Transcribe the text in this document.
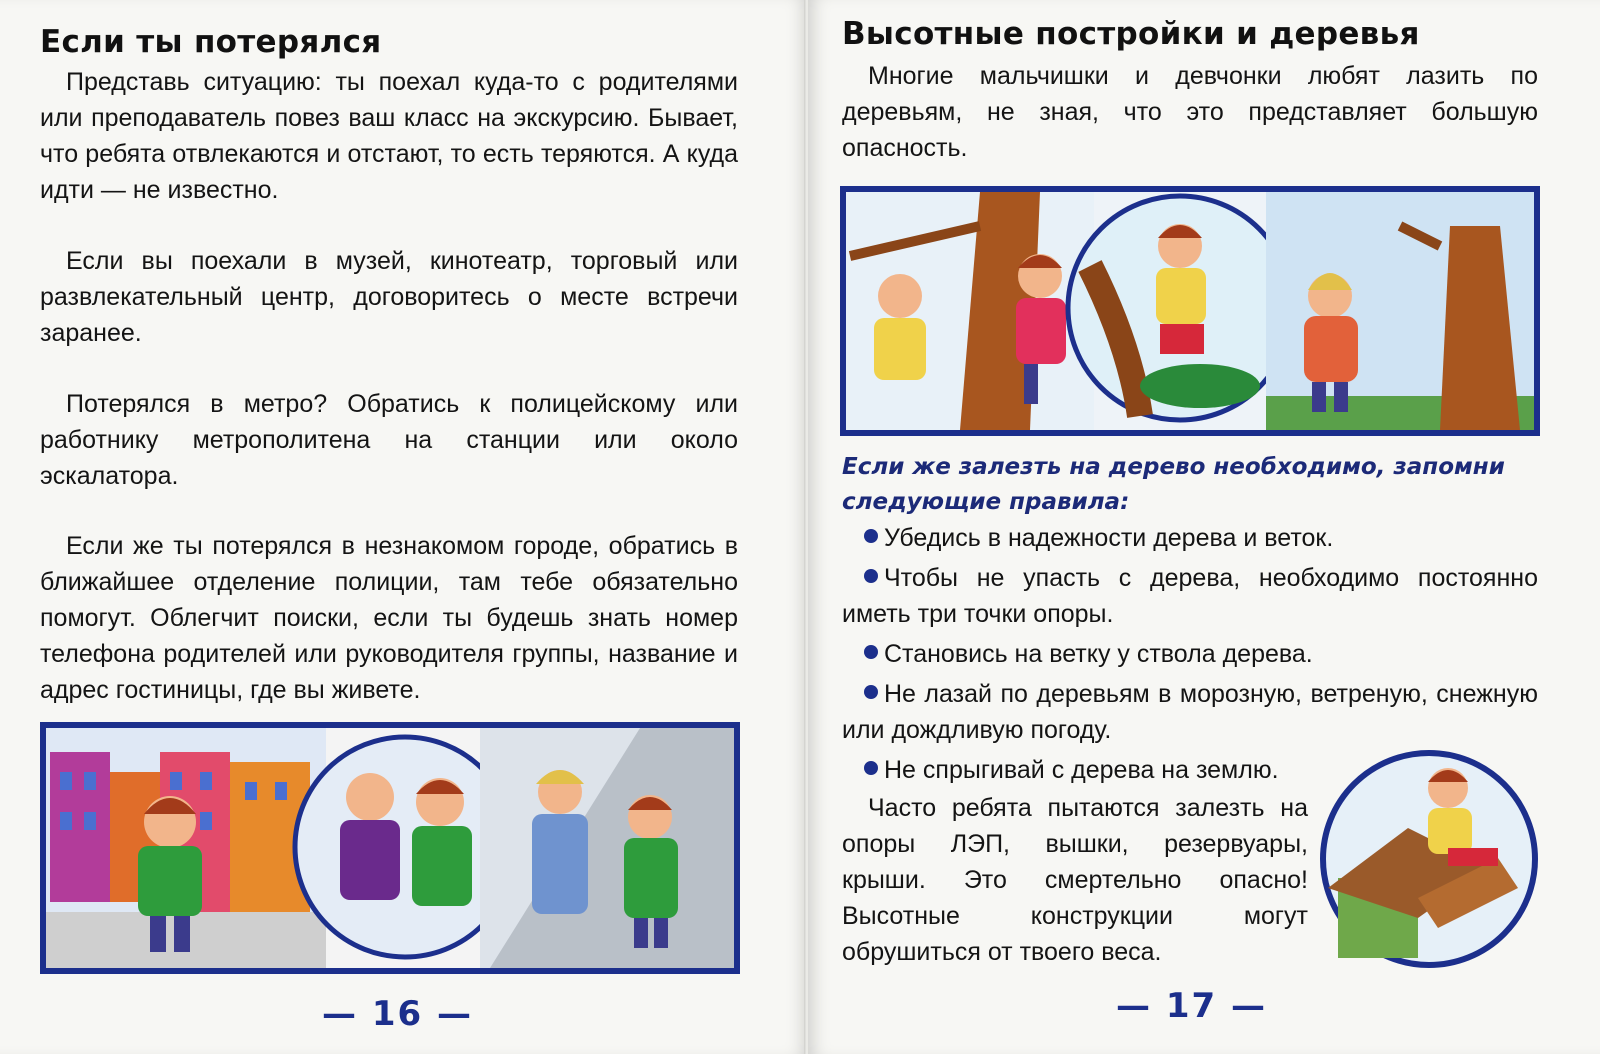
Если ты потерялся

Представь ситуацию: ты поехал куда-то с родителями или преподаватель повез ваш класс на экскурсию. Бывает, что ребята отвлекаются и отстают, то есть теряются. А куда идти — не известно.

Если вы поехали в музей, кинотеатр, торговый или развлекательный центр, договоритесь о месте встречи заранее.

Потерялся в метро? Обратись к полицейскому или работнику метрополитена на станции или около эскалатора.

Если же ты потерялся в незнакомом городе, обратись в ближайшее отделение полиции, там тебе обязательно помогут. Облегчит поиски, если ты будешь знать номер телефона родителей или руководителя группы, название и адрес гостиницы, где вы живете.

— 16 —

Высотные постройки и деревья

Многие мальчишки и девчонки любят лазить по деревьям, не зная, что это представляет большую опасность.

Если же залезть на дерево необходимо, запомни следующие правила:

Убедись в надежности дерева и веток.
Чтобы не упасть с дерева, необходимо постоянно иметь три точки опоры.
Становись на ветку у ствола дерева.
Не лазай по деревьям в морозную, ветреную, снежную или дождливую погоду.
Не спрыгивай с дерева на землю.

Часто ребята пытаются залезть на опоры ЛЭП, вышки, резервуары, крыши. Это смертельно опасно! Высотные конструкции могут обрушиться от твоего веса.

— 17 —
